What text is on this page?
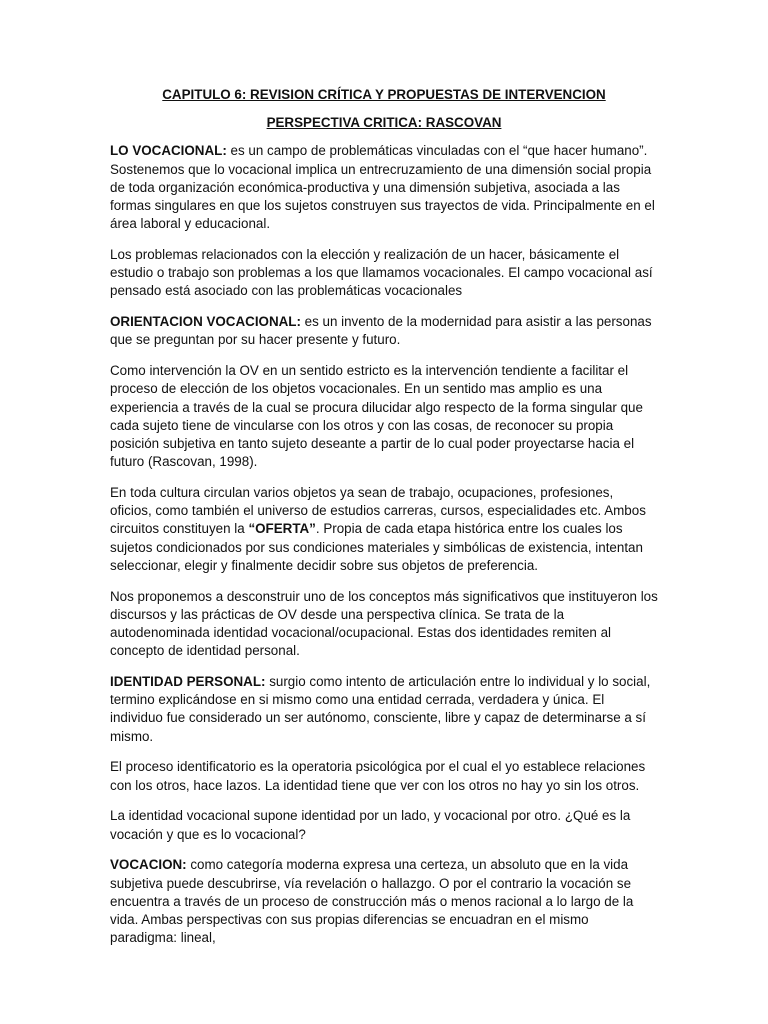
CAPITULO 6: REVISION CRÍTICA Y PROPUESTAS DE INTERVENCION
PERSPECTIVA CRITICA: RASCOVAN

LO VOCACIONAL: es un campo de problemáticas vinculadas con el “que hacer humano”. Sostenemos que lo vocacional implica un entrecruzamiento de una dimensión social propia de toda organización económica-productiva y una dimensión subjetiva, asociada a las formas singulares en que los sujetos construyen sus trayectos de vida. Principalmente en el área laboral y educacional.

Los problemas relacionados con la elección y realización de un hacer, básicamente el estudio o trabajo son problemas a los que llamamos vocacionales. El campo vocacional así pensado está asociado con las problemáticas vocacionales

ORIENTACION VOCACIONAL: es un invento de la modernidad para asistir a las personas que se preguntan por su hacer presente y futuro.

Como intervención la OV en un sentido estricto es la intervención tendiente a facilitar el proceso de elección de los objetos vocacionales. En un sentido mas amplio es una experiencia a través de la cual se procura dilucidar algo respecto de la forma singular que cada sujeto tiene de vincularse con los otros y con las cosas, de reconocer su propia posición subjetiva en tanto sujeto deseante a partir de lo cual poder proyectarse hacia el futuro (Rascovan, 1998).

En toda cultura circulan varios objetos ya sean de trabajo, ocupaciones, profesiones, oficios, como también el universo de estudios carreras, cursos, especialidades etc. Ambos circuitos constituyen la “OFERTA”. Propia de cada etapa histórica entre los cuales los sujetos condicionados por sus condiciones materiales y simbólicas de existencia, intentan seleccionar, elegir y finalmente decidir sobre sus objetos de preferencia.

Nos proponemos a desconstruir uno de los conceptos más significativos que instituyeron los discursos y las prácticas de OV desde una perspectiva clínica. Se trata de la autodenominada identidad vocacional/ocupacional. Estas dos identidades remiten al concepto de identidad personal.

IDENTIDAD PERSONAL: surgio como intento de articulación entre lo individual y lo social, termino explicándose en si mismo como una entidad cerrada, verdadera y única. El individuo fue considerado un ser autónomo, consciente, libre y capaz de determinarse a sí mismo.

El proceso identificatorio es la operatoria psicológica por el cual el yo establece relaciones con los otros, hace lazos. La identidad tiene que ver con los otros no hay yo sin los otros.

La identidad vocacional supone identidad por un lado, y vocacional por otro. ¿Qué es la vocación y que es lo vocacional?

VOCACION: como categoría moderna expresa una certeza, un absoluto que en la vida subjetiva puede descubrirse, vía revelación o hallazgo. O por el contrario la vocación se encuentra a través de un proceso de construcción más o menos racional a lo largo de la vida. Ambas perspectivas con sus propias diferencias se encuadran en el mismo paradigma: lineal,
